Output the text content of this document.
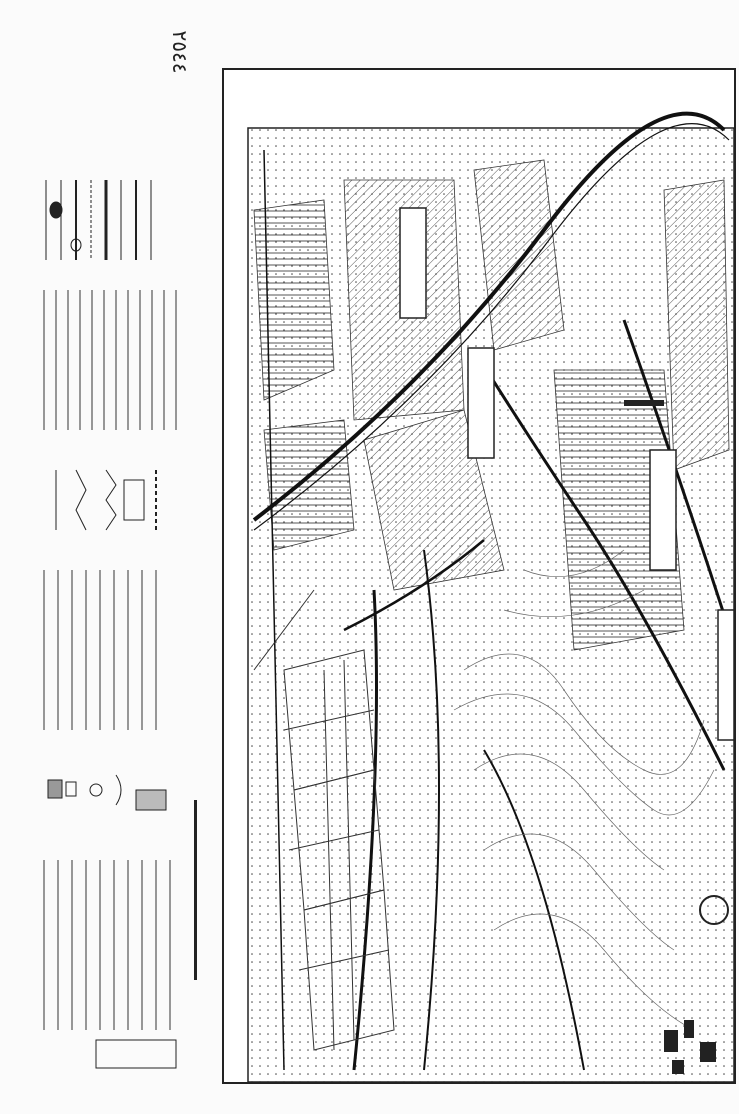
٢٥٤٤
